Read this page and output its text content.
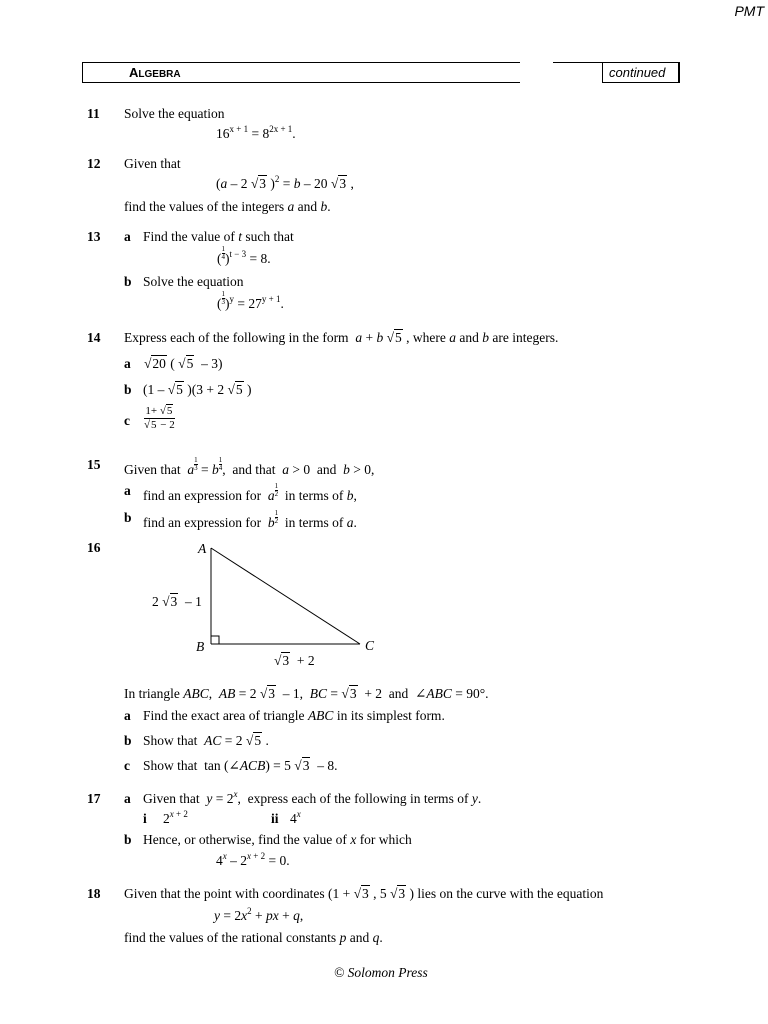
PMT
ALGEBRA	continued
11 Solve the equation
$16^{x + 1} = 8^{2x + 1}$.
12 Given that
(a – 2 √3 )$^2$ = b – 20 √3 ,
find the values of the integers a and b.
13 a Find the value of t such that
( $\frac{1}{4} )^{t - 3} = 8$.
b Solve the equation
( $\frac{1}{3} )^y = 27^{y + 1}$.
14 Express each of the following in the form  a + b √5 , where a and b are integers.
a √20 ( √5  – 3)
b (1 – √5 )(3 + 2 √5 )
c $\frac{1+ √5}{√5 - 2}$
15 Given that  a $\frac{1}{3} = b \frac{1}{4}$ ,  and that  a > 0  and  b > 0,
a find an expression for  a $\frac{1}{2}$ in terms of b,
b find an expression for  b $\frac{1}{2}$ in terms of a.
16	A
B	C
2 √3  – 1
√3  + 2
In triangle ABC,  AB = 2 √3  – 1,  BC = √3  + 2  and  ∠ABC = 90°.
a Find the exact area of triangle ABC in its simplest form.
b Show that  AC = 2 √5 .
c Show that  tan (∠ACB) = 5 √3  – 8.
17 a Given that  $y = 2^x$,  express each of the following in terms of y.
i $2^{x + 2}$	ii 4$^x$
b Hence, or otherwise, find the value of x for which
$4^x - 2^{x + 2} = 0$.
18 Given that the point with coordinates (1 + √3 , 5 √3 ) lies on the curve with the equation
$y = 2x^2$ + px + q,
find the values of the rational constants p and q.
© Solomon Press
